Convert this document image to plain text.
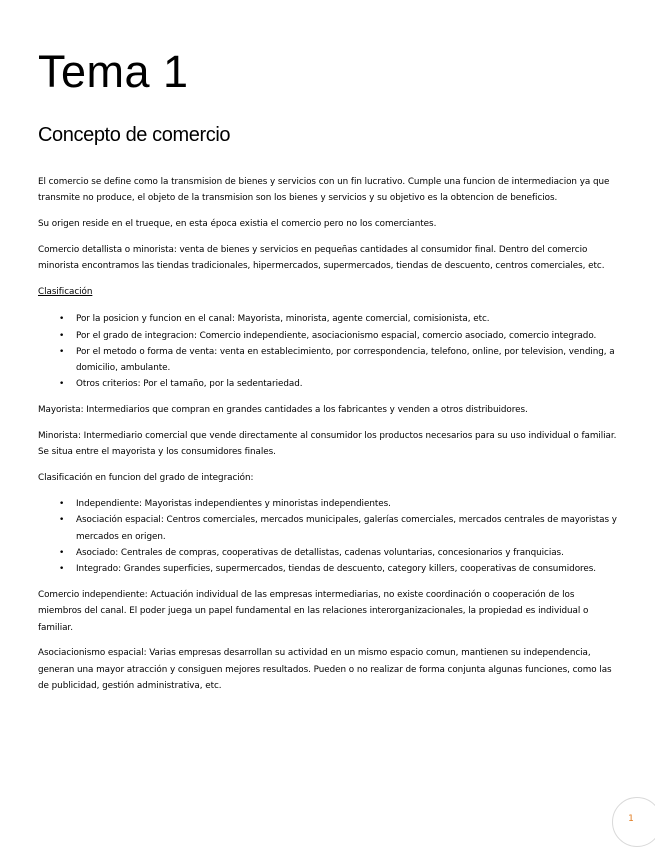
Tema 1
Concepto de comercio

El comercio se define como la transmision de bienes y servicios con un fin lucrativo. Cumple una funcion de intermediacion ya que transmite no produce, el objeto de la transmision son los bienes y servicios y su objetivo es la obtencion de beneficios.

Su origen reside en el trueque, en esta época existia el comercio pero no los comerciantes.

Comercio detallista o minorista: venta de bienes y servicios en pequeñas cantidades al consumidor final. Dentro del comercio minorista encontramos las tiendas tradicionales, hipermercados, supermercados, tiendas de descuento, centros comerciales, etc.

Clasificación

• Por la posicion y funcion en el canal: Mayorista, minorista, agente comercial, comisionista, etc.
• Por el grado de integracion: Comercio independiente, asociacionismo espacial, comercio asociado, comercio integrado.
• Por el metodo o forma de venta: venta en establecimiento, por correspondencia, telefono, online, por television, vending, a domicilio, ambulante.
• Otros criterios: Por el tamaño, por la sedentariedad.

Mayorista: Intermediarios que compran en grandes cantidades a los fabricantes y venden a otros distribuidores.

Minorista: Intermediario comercial que vende directamente al consumidor los productos necesarios para su uso individual o familiar. Se situa entre el mayorista y los consumidores finales.

Clasificación en funcion del grado de integración:

• Independiente: Mayoristas independientes y minoristas independientes.
• Asociación espacial: Centros comerciales, mercados municipales, galerías comerciales, mercados centrales de mayoristas y mercados en origen.
• Asociado: Centrales de compras, cooperativas de detallistas, cadenas voluntarias, concesionarios y franquicias.
• Integrado: Grandes superficies, supermercados, tiendas de descuento, category killers, cooperativas de consumidores.

Comercio independiente: Actuación individual de las empresas intermediarias, no existe coordinación o cooperación de los miembros del canal. El poder juega un papel fundamental en las relaciones interorganizacionales, la propiedad es individual o familiar.

Asociacionismo espacial: Varias empresas desarrollan su actividad en un mismo espacio comun, mantienen su independencia, generan una mayor atracción y consiguen mejores resultados. Pueden o no realizar de forma conjunta algunas funciones, como las de publicidad, gestión administrativa, etc.

1
